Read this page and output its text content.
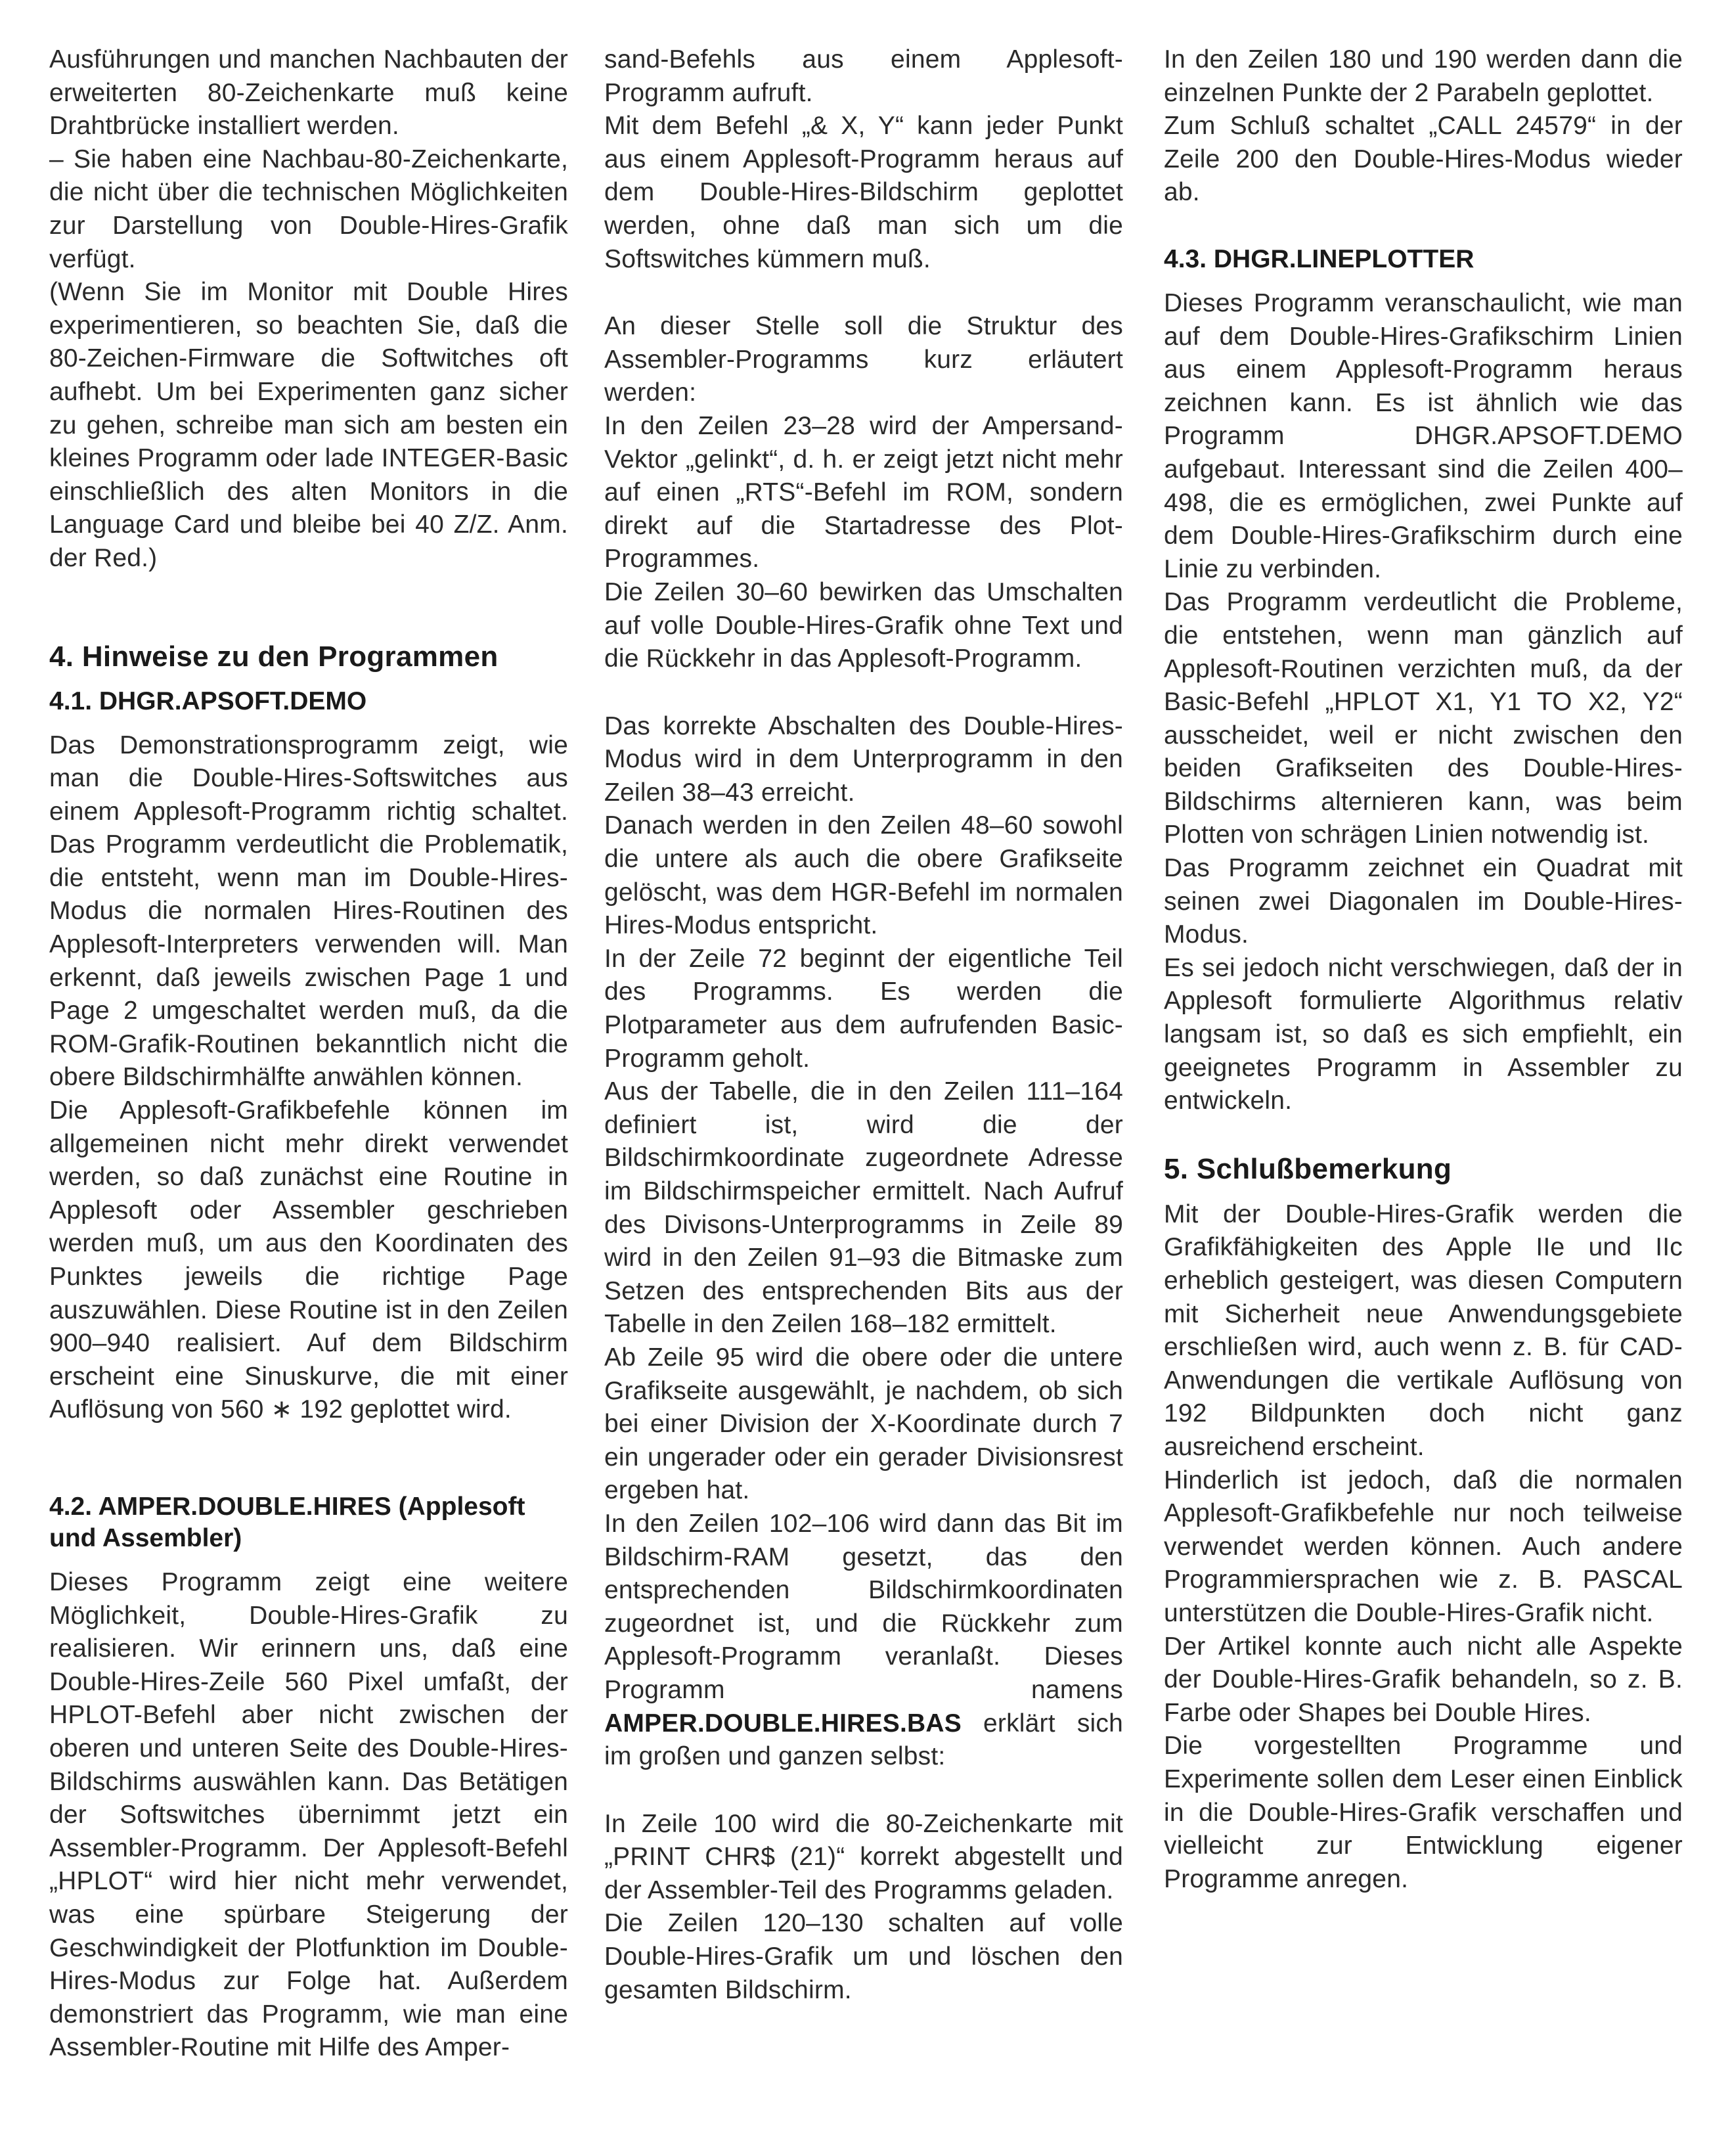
Ausführungen und manchen Nachbauten der erweiterten 80-Zeichenkarte muß keine Drahtbrücke installiert werden.

– Sie haben eine Nachbau-80-Zeichenkarte, die nicht über die technischen Möglichkeiten zur Darstellung von Double-Hires-Grafik verfügt.

(Wenn Sie im Monitor mit Double Hires experimentieren, so beachten Sie, daß die 80-Zeichen-Firmware die Softwitches oft aufhebt. Um bei Experimenten ganz sicher zu gehen, schreibe man sich am besten ein kleines Programm oder lade INTEGER-Basic einschließlich des alten Monitors in die Language Card und bleibe bei 40 Z/Z. Anm. der Red.)

4. Hinweise zu den Programmen
4.1. DHGR.APSOFT.DEMO

Das Demonstrationsprogramm zeigt, wie man die Double-Hires-Softswitches aus einem Applesoft-Programm richtig schaltet. Das Programm verdeutlicht die Problematik, die entsteht, wenn man im Double-Hires-Modus die normalen Hires-Routinen des Applesoft-Interpreters verwenden will. Man erkennt, daß jeweils zwischen Page 1 und Page 2 umgeschaltet werden muß, da die ROM-Grafik-Routinen bekanntlich nicht die obere Bildschirmhälfte anwählen können.

Die Applesoft-Grafikbefehle können im allgemeinen nicht mehr direkt verwendet werden, so daß zunächst eine Routine in Applesoft oder Assembler geschrieben werden muß, um aus den Koordinaten des Punktes jeweils die richtige Page auszuwählen. Diese Routine ist in den Zeilen 900–940 realisiert. Auf dem Bildschirm erscheint eine Sinuskurve, die mit einer Auflösung von 560 ∗ 192 geplottet wird.

4.2. AMPER.DOUBLE.HIRES (Applesoft und Assembler)

Dieses Programm zeigt eine weitere Möglichkeit, Double-Hires-Grafik zu realisieren. Wir erinnern uns, daß eine Double-Hires-Zeile 560 Pixel umfaßt, der HPLOT-Befehl aber nicht zwischen der oberen und unteren Seite des Double-Hires-Bildschirms auswählen kann. Das Betätigen der Softswitches übernimmt jetzt ein Assembler-Programm. Der Applesoft-Befehl „HPLOT“ wird hier nicht mehr verwendet, was eine spürbare Steigerung der Geschwindigkeit der Plotfunktion im Double-Hires-Modus zur Folge hat. Außerdem demonstriert das Programm, wie man eine Assembler-Routine mit Hilfe des Amper-

sand-Befehls aus einem Applesoft-Programm aufruft.

Mit dem Befehl „& X, Y“ kann jeder Punkt aus einem Applesoft-Programm heraus auf dem Double-Hires-Bildschirm geplottet werden, ohne daß man sich um die Softswitches kümmern muß.

An dieser Stelle soll die Struktur des Assembler-Programms kurz erläutert werden:

In den Zeilen 23–28 wird der Ampersand-Vektor „gelinkt“, d. h. er zeigt jetzt nicht mehr auf einen „RTS“-Befehl im ROM, sondern direkt auf die Startadresse des Plot-Programmes.

Die Zeilen 30–60 bewirken das Umschalten auf volle Double-Hires-Grafik ohne Text und die Rückkehr in das Applesoft-Programm.

Das korrekte Abschalten des Double-Hires-Modus wird in dem Unterprogramm in den Zeilen 38–43 erreicht.

Danach werden in den Zeilen 48–60 sowohl die untere als auch die obere Grafikseite gelöscht, was dem HGR-Befehl im normalen Hires-Modus entspricht.

In der Zeile 72 beginnt der eigentliche Teil des Programms. Es werden die Plotparameter aus dem aufrufenden Basic-Programm geholt.

Aus der Tabelle, die in den Zeilen 111–164 definiert ist, wird die der Bildschirmkoordinate zugeordnete Adresse im Bildschirmspeicher ermittelt. Nach Aufruf des Divisons-Unterprogramms in Zeile 89 wird in den Zeilen 91–93 die Bitmaske zum Setzen des entsprechenden Bits aus der Tabelle in den Zeilen 168–182 ermittelt.

Ab Zeile 95 wird die obere oder die untere Grafikseite ausgewählt, je nachdem, ob sich bei einer Division der X-Koordinate durch 7 ein ungerader oder ein gerader Divisionsrest ergeben hat.

In den Zeilen 102–106 wird dann das Bit im Bildschirm-RAM gesetzt, das den entsprechenden Bildschirmkoordinaten zugeordnet ist, und die Rückkehr zum Applesoft-Programm veranlaßt. Dieses Programm namens AMPER.DOUBLE.HIRES.BAS erklärt sich im großen und ganzen selbst:

In Zeile 100 wird die 80-Zeichenkarte mit „PRINT CHR$ (21)“ korrekt abgestellt und der Assembler-Teil des Programms geladen.

Die Zeilen 120–130 schalten auf volle Double-Hires-Grafik um und löschen den gesamten Bildschirm.

In den Zeilen 180 und 190 werden dann die einzelnen Punkte der 2 Parabeln geplottet.

Zum Schluß schaltet „CALL 24579“ in der Zeile 200 den Double-Hires-Modus wieder ab.

4.3. DHGR.LINEPLOTTER

Dieses Programm veranschaulicht, wie man auf dem Double-Hires-Grafikschirm Linien aus einem Applesoft-Programm heraus zeichnen kann. Es ist ähnlich wie das Programm DHGR.APSOFT.DEMO aufgebaut. Interessant sind die Zeilen 400–498, die es ermöglichen, zwei Punkte auf dem Double-Hires-Grafikschirm durch eine Linie zu verbinden.

Das Programm verdeutlicht die Probleme, die entstehen, wenn man gänzlich auf Applesoft-Routinen verzichten muß, da der Basic-Befehl „HPLOT X1, Y1 TO X2, Y2“ ausscheidet, weil er nicht zwischen den beiden Grafikseiten des Double-Hires-Bildschirms alternieren kann, was beim Plotten von schrägen Linien notwendig ist.

Das Programm zeichnet ein Quadrat mit seinen zwei Diagonalen im Double-Hires-Modus.

Es sei jedoch nicht verschwiegen, daß der in Applesoft formulierte Algorithmus relativ langsam ist, so daß es sich empfiehlt, ein geeignetes Programm in Assembler zu entwickeln.

5. Schlußbemerkung

Mit der Double-Hires-Grafik werden die Grafikfähigkeiten des Apple IIe und IIc erheblich gesteigert, was diesen Computern mit Sicherheit neue Anwendungsgebiete erschließen wird, auch wenn z. B. für CAD-Anwendungen die vertikale Auflösung von 192 Bildpunkten doch nicht ganz ausreichend erscheint.

Hinderlich ist jedoch, daß die normalen Applesoft-Grafikbefehle nur noch teilweise verwendet werden können. Auch andere Programmiersprachen wie z. B. PASCAL unterstützen die Double-Hires-Grafik nicht.

Der Artikel konnte auch nicht alle Aspekte der Double-Hires-Grafik behandeln, so z. B. Farbe oder Shapes bei Double Hires.

Die vorgestellten Programme und Experimente sollen dem Leser einen Einblick in die Double-Hires-Grafik verschaffen und vielleicht zur Entwicklung eigener Programme anregen.
